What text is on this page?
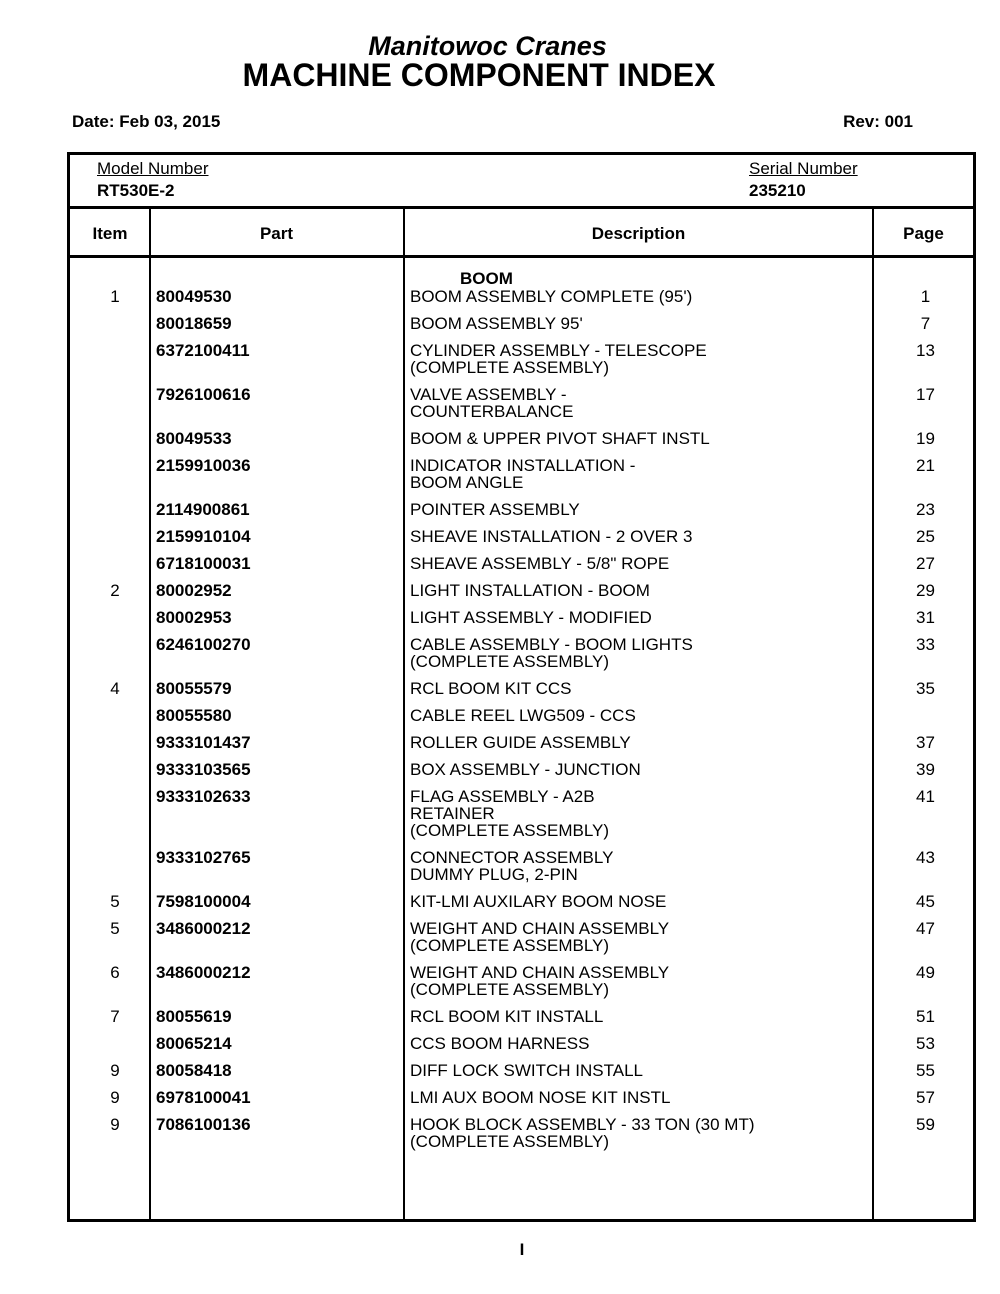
Manitowoc Cranes
MACHINE COMPONENT INDEX
Date: Feb 03, 2015	Rev: 001
Model Number
RT530E-2
Serial Number
235210
Item	Part	Description	Page
BOOM
1	80049530	BOOM ASSEMBLY COMPLETE (95')	1
80018659	BOOM ASSEMBLY 95'	7
6372100411	CYLINDER ASSEMBLY - TELESCOPE
(COMPLETE ASSEMBLY)
13
7926100616	VALVE ASSEMBLY -
COUNTERBALANCE
17
80049533	BOOM & UPPER PIVOT SHAFT INSTL	19
2159910036	INDICATOR INSTALLATION -
BOOM ANGLE
21
2114900861	POINTER ASSEMBLY	23
2159910104	SHEAVE INSTALLATION - 2 OVER 3	25
6718100031	SHEAVE ASSEMBLY - 5/8" ROPE	27
2	80002952	LIGHT INSTALLATION - BOOM	29
80002953	LIGHT ASSEMBLY - MODIFIED	31
6246100270	CABLE ASSEMBLY - BOOM LIGHTS
(COMPLETE ASSEMBLY)
33
4	80055579	RCL BOOM KIT CCS	35
80055580	CABLE REEL LWG509 - CCS
9333101437	ROLLER GUIDE ASSEMBLY	37
9333103565	BOX ASSEMBLY - JUNCTION	39
9333102633	FLAG ASSEMBLY - A2B
RETAINER
(COMPLETE ASSEMBLY)
41
9333102765	CONNECTOR ASSEMBLY
DUMMY PLUG, 2-PIN
43
5	7598100004	KIT-LMI AUXILARY BOOM NOSE	45
5	3486000212	WEIGHT AND CHAIN ASSEMBLY
(COMPLETE ASSEMBLY)
47
6	3486000212	WEIGHT AND CHAIN ASSEMBLY
(COMPLETE ASSEMBLY)
49
7	80055619	RCL BOOM KIT INSTALL	51
80065214	CCS BOOM HARNESS	53
9	80058418	DIFF LOCK SWITCH INSTALL	55
9	6978100041	LMI AUX BOOM NOSE KIT INSTL	57
9	7086100136	HOOK BLOCK ASSEMBLY - 33 TON (30 MT)
(COMPLETE ASSEMBLY)
59
I
